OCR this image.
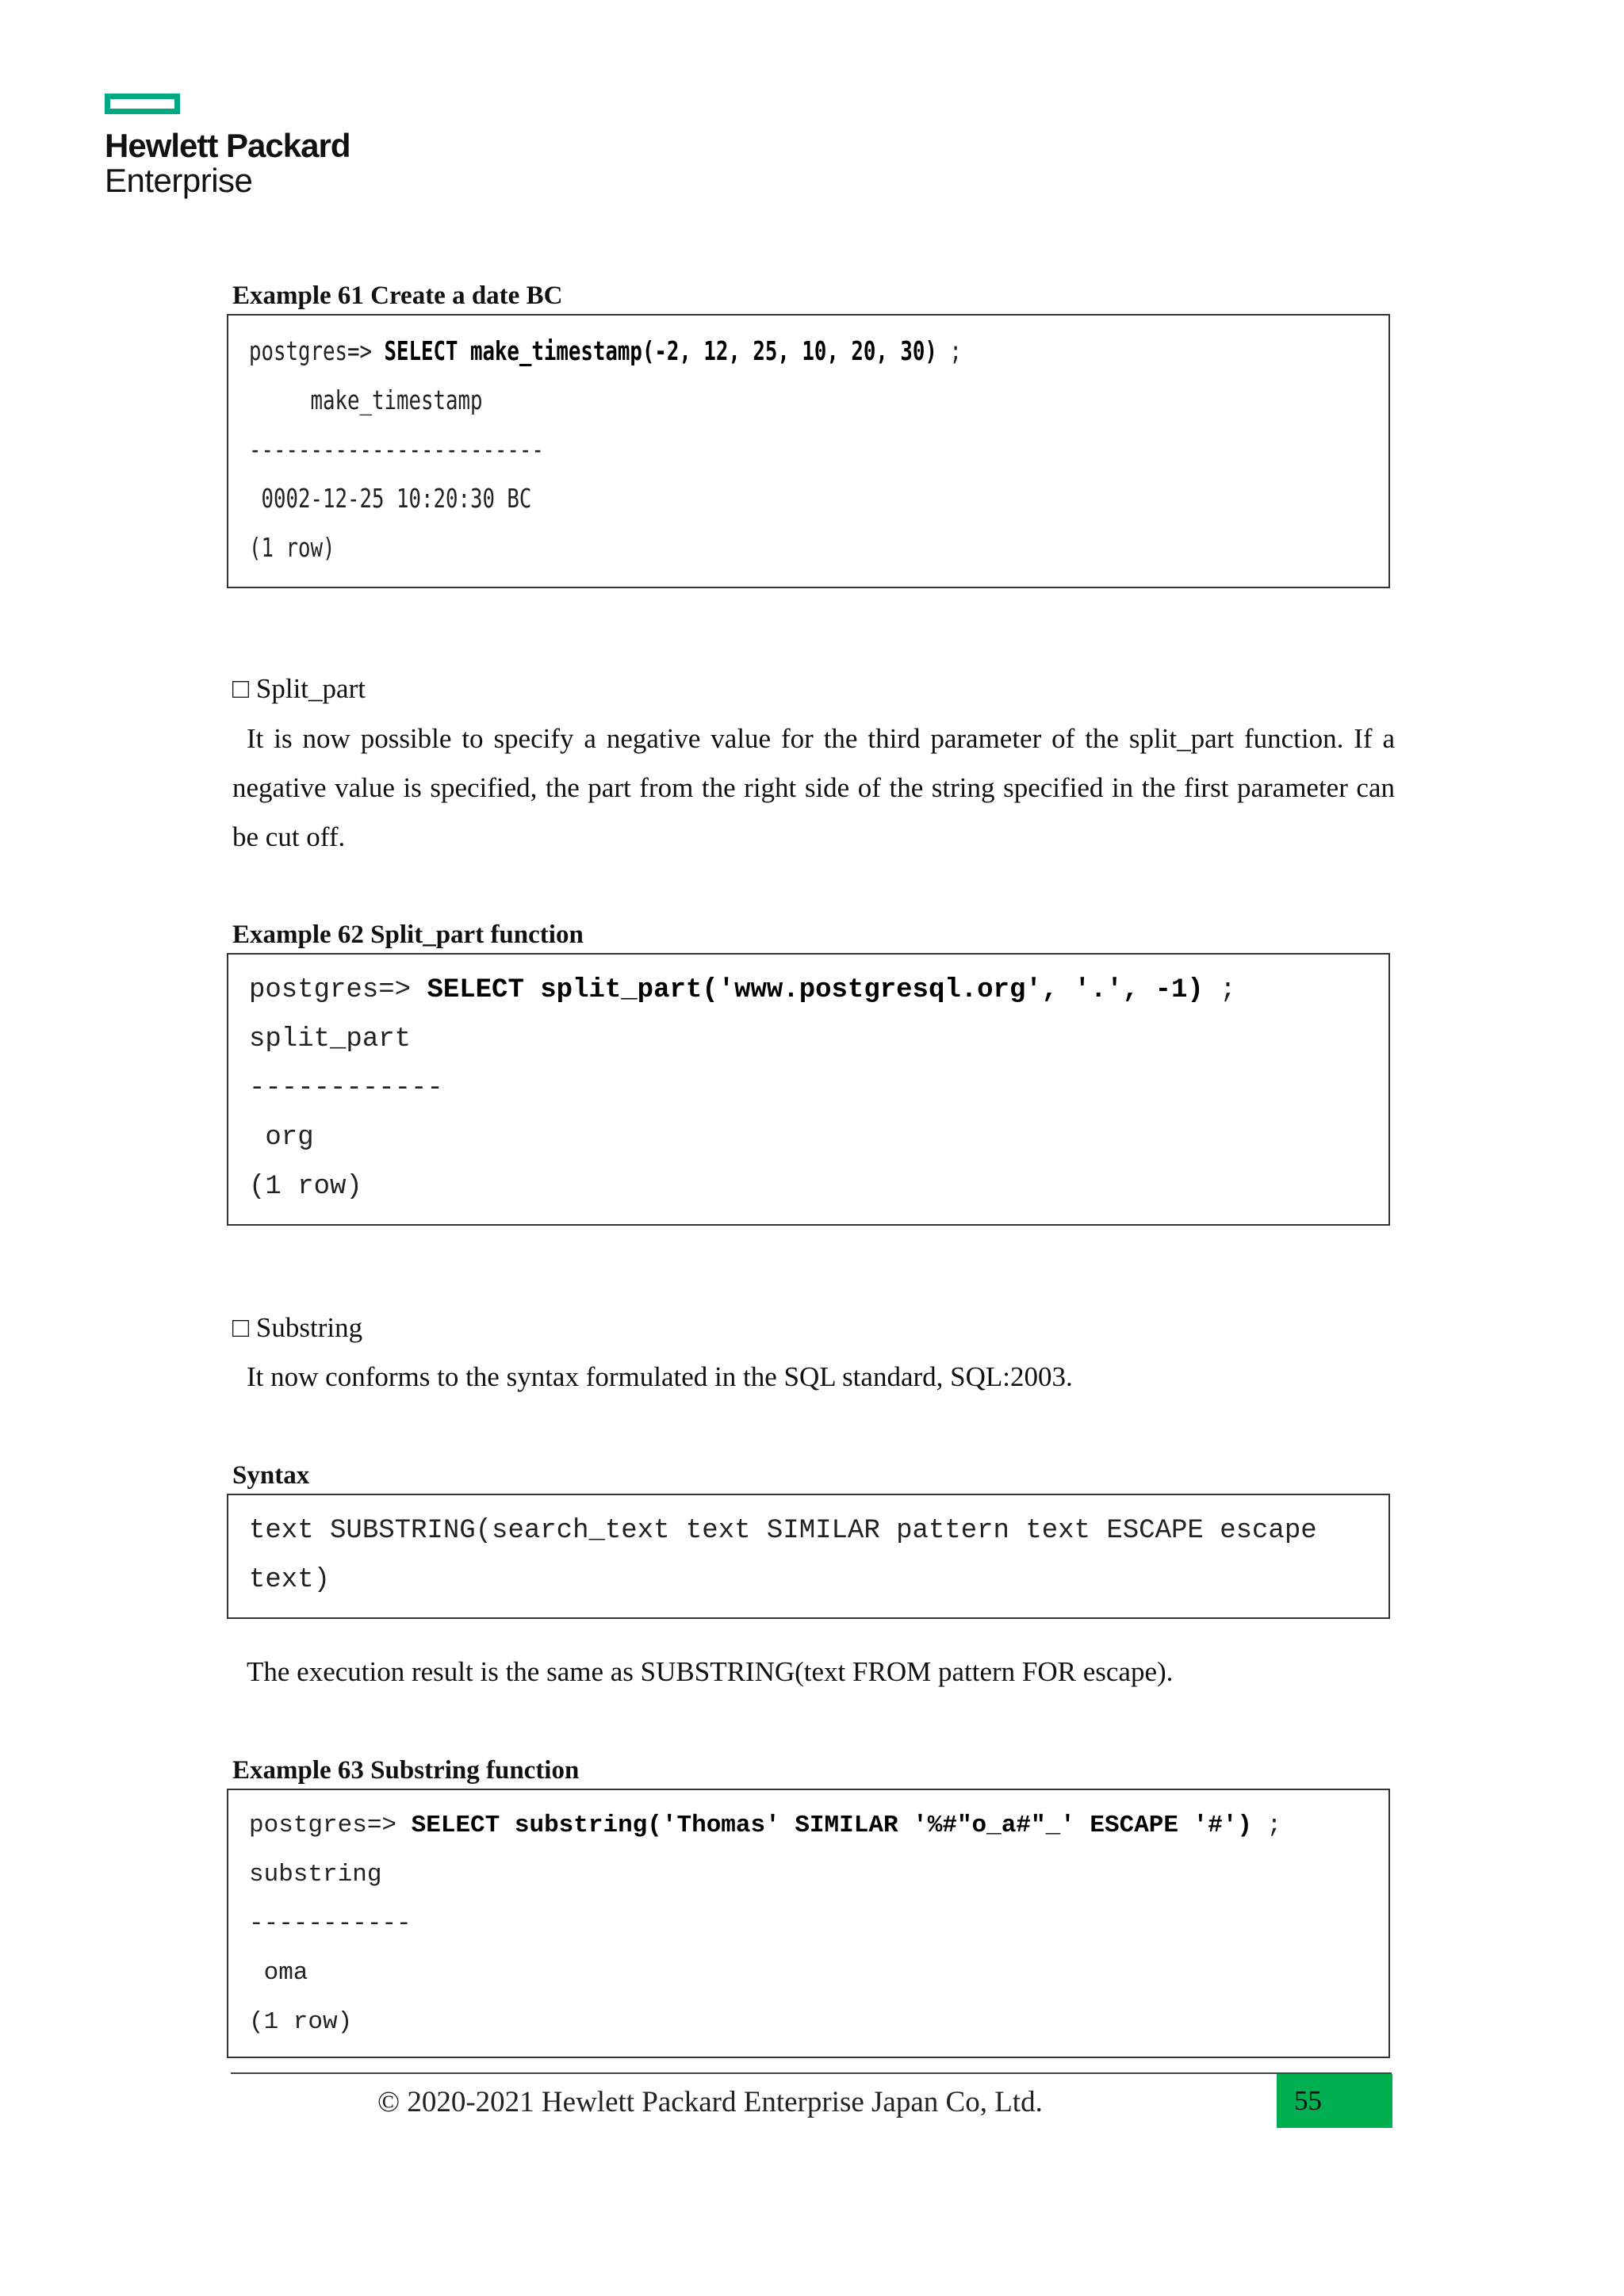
Hewlett Packard
Enterprise
Example 61 Create a date BC
postgres=> SELECT make_timestamp(-2, 12, 25, 10, 20, 30) ;
make_timestamp
------------------------
0002-12-25 10:20:30 BC
(1 row)
□ Split_part
It is now possible to specify a negative value for the third parameter of the split_part function. If a negative value is specified, the part from the right side of the string specified in the first parameter can be cut off.
Example 62 Split_part function
postgres=> SELECT split_part('www.postgresql.org', '.', -1) ;
split_part
------------
org
(1 row)
□ Substring
It now conforms to the syntax formulated in the SQL standard, SQL:2003.
Syntax
text SUBSTRING(search_text text SIMILAR pattern text ESCAPE escape
text)
The execution result is the same as SUBSTRING(text FROM pattern FOR escape).
Example 63 Substring function
postgres=> SELECT substring('Thomas' SIMILAR '%#"o_a#"_' ESCAPE '#') ;
substring
-----------
oma
(1 row)
© 2020-2021 Hewlett Packard Enterprise Japan Co, Ltd.	55
